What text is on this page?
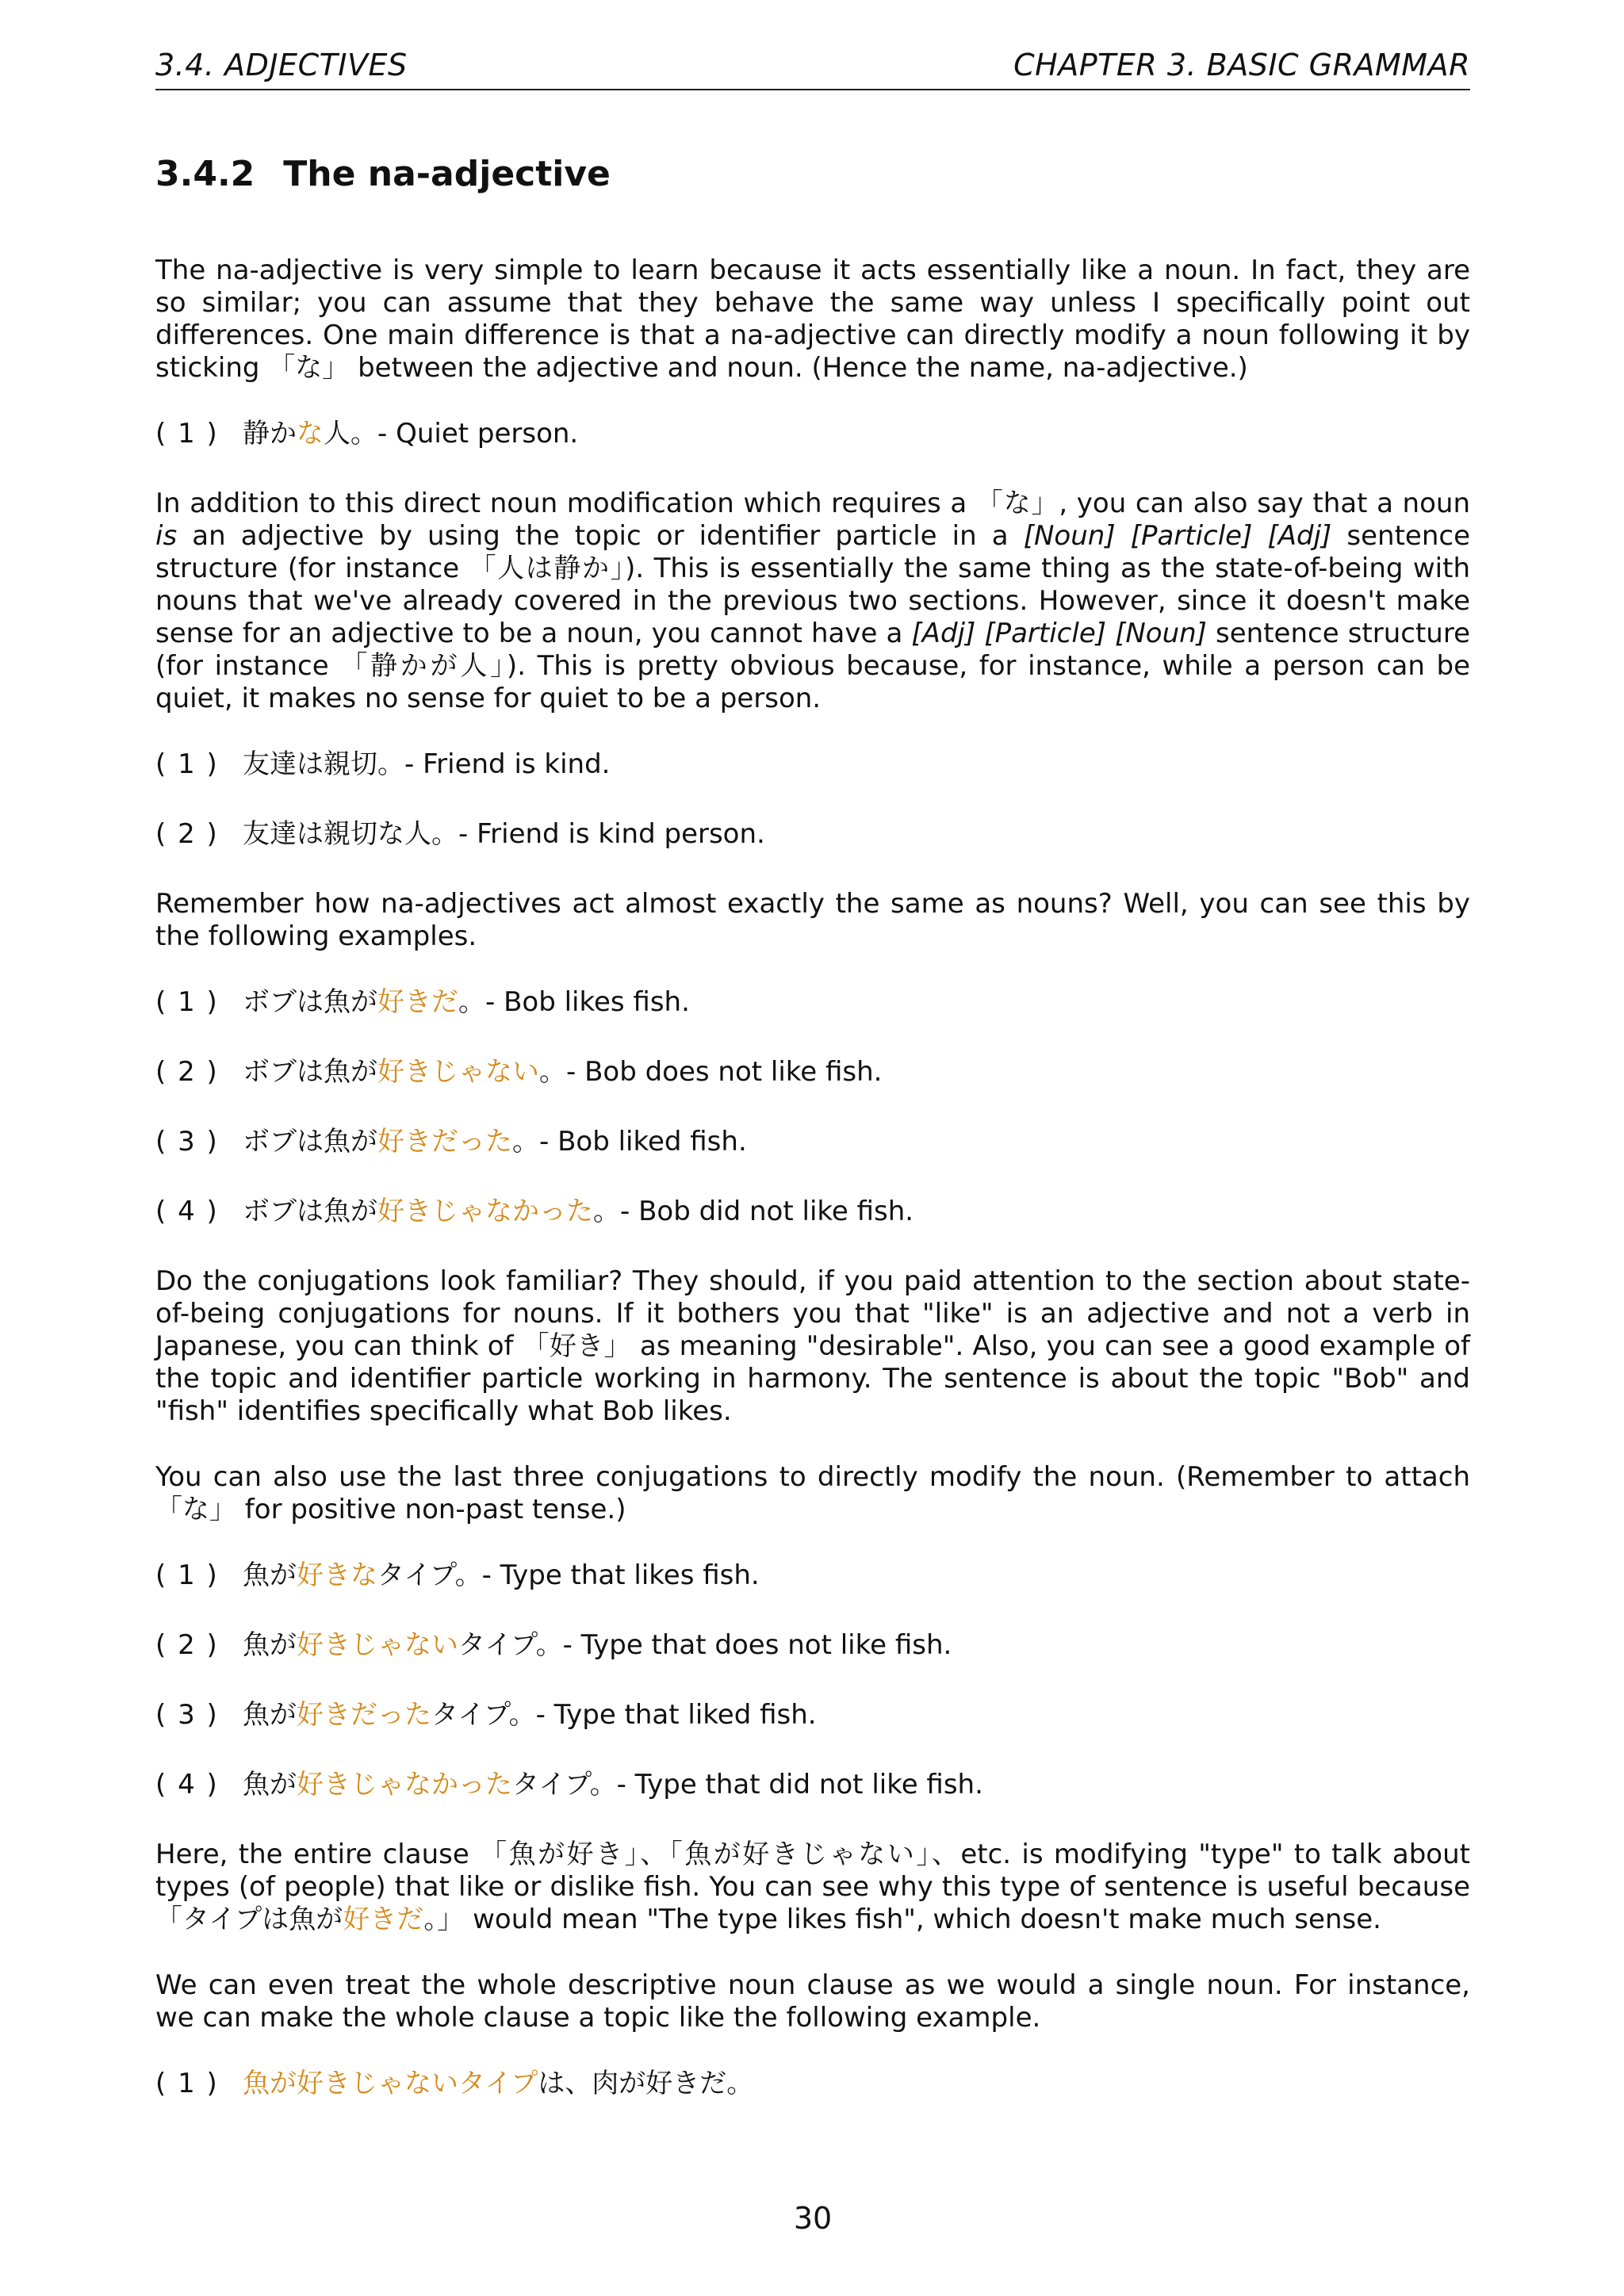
3.4. ADJECTIVES	CHAPTER 3. BASIC GRAMMAR
3.4.2 The na-adjective

The na-adjective is very simple to learn because it acts essentially like a noun. In fact, they are so similar; you can assume that they behave the same way unless I specifically point out differences. One main difference is that a na-adjective can directly modify a noun following it by sticking 「な」 between the adjective and noun. (Hence the name, na-adjective.)

( 1 ) 静かな人。- Quiet person.

In addition to this direct noun modification which requires a 「な」, you can also say that a noun is an adjective by using the topic or identifier particle in a [Noun] [Particle] [Adj] sentence structure (for instance 「人は静か」). This is essentially the same thing as the state-of-being with nouns that we've already covered in the previous two sections. However, since it doesn't make sense for an adjective to be a noun, you cannot have a [Adj] [Particle] [Noun] sentence structure (for instance 「静かが人」). This is pretty obvious because, for instance, while a person can be quiet, it makes no sense for quiet to be a person.

( 1 ) 友達は親切。- Friend is kind.
( 2 ) 友達は親切な人。- Friend is kind person.

Remember how na-adjectives act almost exactly the same as nouns? Well, you can see this by the following examples.

( 1 ) ボブは魚が好きだ。- Bob likes fish.
( 2 ) ボブは魚が好きじゃない。- Bob does not like fish.
( 3 ) ボブは魚が好きだった。- Bob liked fish.
( 4 ) ボブは魚が好きじゃなかった。- Bob did not like fish.

Do the conjugations look familiar? They should, if you paid attention to the section about state-of-being conjugations for nouns. If it bothers you that "like" is an adjective and not a verb in Japanese, you can think of 「好き」 as meaning "desirable". Also, you can see a good example of the topic and identifier particle working in harmony. The sentence is about the topic "Bob" and "fish" identifies specifically what Bob likes.

You can also use the last three conjugations to directly modify the noun. (Remember to attach 「な」 for positive non-past tense.)

( 1 ) 魚が好きなタイプ。- Type that likes fish.
( 2 ) 魚が好きじゃないタイプ。- Type that does not like fish.
( 3 ) 魚が好きだったタイプ。- Type that liked fish.
( 4 ) 魚が好きじゃなかったタイプ。- Type that did not like fish.

Here, the entire clause 「魚が好き」、「魚が好きじゃない」、etc. is modifying "type" to talk about types (of people) that like or dislike fish. You can see why this type of sentence is useful because 「タイプは魚が好きだ。」 would mean "The type likes fish", which doesn't make much sense.

We can even treat the whole descriptive noun clause as we would a single noun. For instance, we can make the whole clause a topic like the following example.

( 1 ) 魚が好きじゃないタイプは、肉が好きだ。
30
